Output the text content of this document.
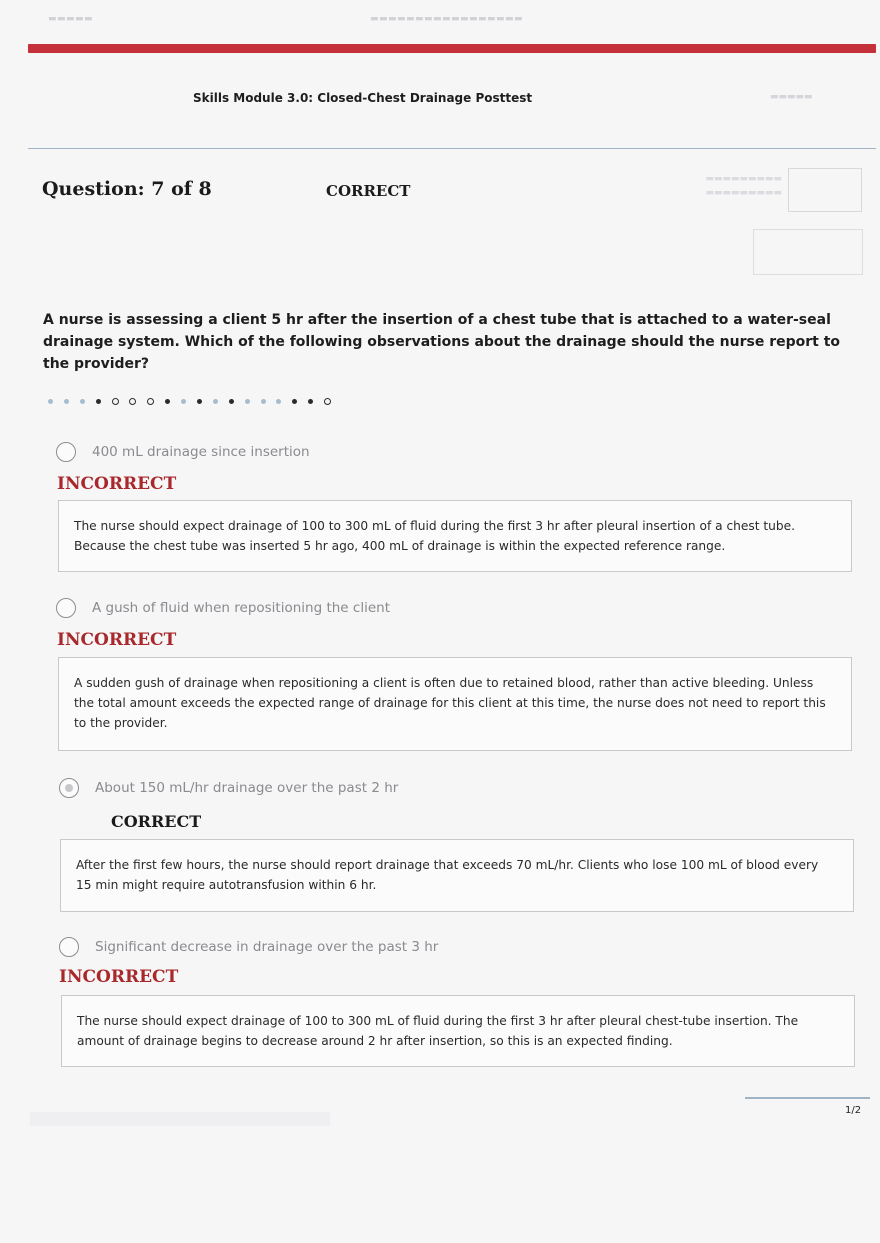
▬▬▬▬▬	▬▬▬▬▬▬▬▬▬▬▬▬▬▬▬▬▬
Skills Module 3.0: Closed-Chest Drainage Posttest	▬▬▬▬▬
Question: 7 of 8	CORRECT
▬▬▬▬▬▬▬▬▬
▬▬▬▬▬▬▬▬▬
A nurse is assessing a client 5 hr after the insertion of a chest tube that is attached to a water-seal drainage system. Which of the following observations about the drainage should the nurse report to the provider?
400 mL drainage since insertion
INCORRECT
The nurse should expect drainage of 100 to 300 mL of fluid during the first 3 hr after pleural insertion of a chest tube. Because the chest tube was inserted 5 hr ago, 400 mL of drainage is within the expected reference range.
A gush of fluid when repositioning the client
INCORRECT
A sudden gush of drainage when repositioning a client is often due to retained blood, rather than active bleeding. Unless the total amount exceeds the expected range of drainage for this client at this time, the nurse does not need to report this to the provider.
About 150 mL/hr drainage over the past 2 hr
CORRECT
After the first few hours, the nurse should report drainage that exceeds 70 mL/hr. Clients who lose 100 mL of blood every 15 min might require autotransfusion within 6 hr.
Significant decrease in drainage over the past 3 hr
INCORRECT
The nurse should expect drainage of 100 to 300 mL of fluid during the first 3 hr after pleural chest-tube insertion. The amount of drainage begins to decrease around 2 hr after insertion, so this is an expected finding.
1/2
